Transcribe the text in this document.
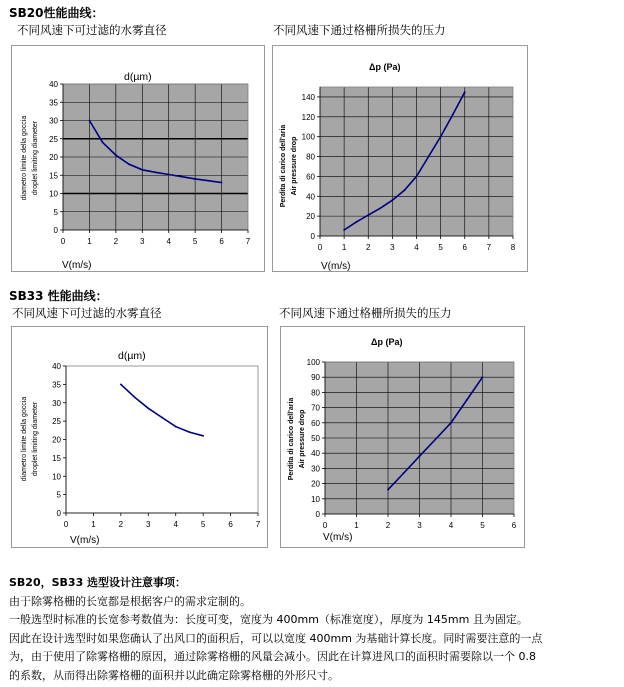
SB20性能曲线：
不同风速下可过滤的水雾直径	不同风速下通过格栅所损失的压力
0	1	2	3	4	5	6	7
0
5
10
15
20
25
30
35
40
d(µm)
V(m/s)
diametro limite della goccia droplet limiting diameter
0 1 2 3 4 5 6 7 8
0
20
40
60
80
100
120
140
Δp (Pa)
V(m/s)
Perdita di carico dell'aria Air pressure drop
SB33 性能曲线：
不同风速下可过滤的水雾直径	不同风速下通过格栅所损失的压力
0	1	2	3	4	5	6	7
0
5
10
15
20
25
30
35
40
d(µm)
V(m/s)
diametro limite della goccia droplet limiting diameter
0	1	2	3	4	5	6
0
10
20
30
40
50
60
70
80
90
100
Δp (Pa)
V(m/s)
Perdita di carico dell'aria Air pressure drop

SB20，SB33 选型设计注意事项：

由于除雾格栅的长宽都是根据客户的需求定制的。

一般选型时标准的长宽参考数值为：长度可变，宽度为 400mm（标准宽度），厚度为 145mm 且为固定。

因此在设计选型时如果您确认了出风口的面积后，可以以宽度 400mm 为基础计算长度。同时需要注意的一点

为，由于使用了除雾格栅的原因，通过除雾格栅的风量会减小。因此在计算进风口的面积时需要除以一个 0.8

的系数，从而得出除雾格栅的面积并以此确定除雾格栅的外形尺寸。
